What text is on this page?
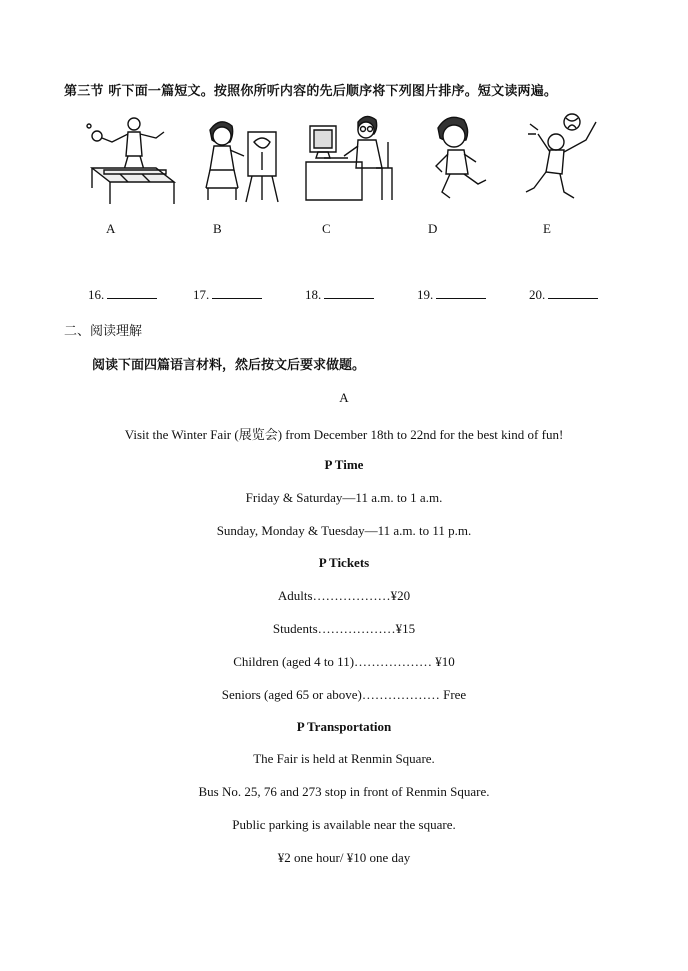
第三节 听下面一篇短文。按照你所听内容的先后顺序将下列图片排序。短文读两遍。
A	B	C	D	E
16.	17.	18.	19.	20.
二、阅读理解
阅读下面四篇语言材料，然后按文后要求做题。
A
Visit the Winter Fair (展览会) from December 18th to 22nd for the best kind of fun!
P Time
Friday & Saturday—11 a.m. to 1 a.m.
Sunday, Monday & Tuesday—11 a.m. to 11 p.m.
P Tickets
Adults………………¥20
Students………………¥15
Children (aged 4 to 11)……………… ¥10
Seniors (aged 65 or above)……………… Free
P Transportation
The Fair is held at Renmin Square.
Bus No. 25, 76 and 273 stop in front of Renmin Square.
Public parking is available near the square.
¥2 one hour/ ¥10 one day
